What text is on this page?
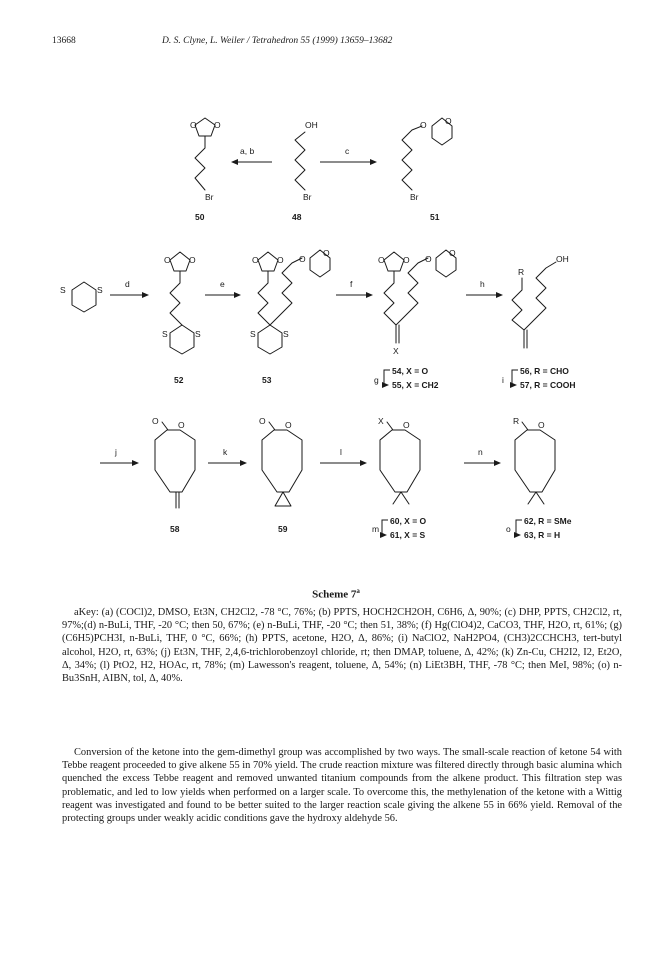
13668	D. S. Clyne, L. Weiler / Tetrahedron 55 (1999) 13659–13682
O O
Br
50
a, b
OH
Br
48
c
O O
Br
51
S	S
d
O O
S	S
52
e
O O O
O
S	S
53
f
O O O
O
X
g
54, X = O
55, X = CH2
h
R
OH
i
56, R = CHO
57, R = COOH
j
O O
58
k
O O
59
l
X O
m
60, X = O
61, X = S
n
R O
o
62, R = SMe
63, R = H
Scheme 7$^a$

aKey: (a) (COCl)2, DMSO, Et3N, CH2Cl2, -78 °C, 76%; (b) PPTS, HOCH2CH2OH, C6H6, Δ, 90%; (c) DHP, PPTS, CH2Cl2, rt, 97%;(d) n-BuLi, THF, -20 °C; then 50, 67%; (e) n-BuLi, THF, -20 °C; then 51, 38%; (f) Hg(ClO4)2, CaCO3, THF, H2O, rt, 61%; (g) (C6H5)PCH3I, n-BuLi, THF, 0 °C, 66%; (h) PPTS, acetone, H2O, Δ, 86%; (i) NaClO2, NaH2PO4, (CH3)2CCHCH3, tert-butyl alcohol, H2O, rt, 63%; (j) Et3N, THF, 2,4,6-trichlorobenzoyl chloride, rt; then DMAP, toluene, Δ, 42%; (k) Zn-Cu, CH2I2, I2, Et2O, Δ, 34%; (l) PtO2, H2, HOAc, rt, 78%; (m) Lawesson's reagent, toluene, Δ, 54%; (n) LiEt3BH, THF, -78 °C; then MeI, 98%; (o) n-Bu3SnH, AIBN, tol, Δ, 40%.

Conversion of the ketone into the gem-dimethyl group was accomplished by two ways. The small-scale reaction of ketone 54 with Tebbe reagent proceeded to give alkene 55 in 70% yield. The crude reaction mixture was filtered directly through basic alumina which quenched the excess Tebbe reagent and removed unwanted titanium compounds from the alkene product. This filtration step was problematic, and led to low yields when performed on a larger scale. To overcome this, the methylenation of the ketone with a Wittig reagent was investigated and found to be better suited to the larger reaction scale giving the alkene 55 in 66% yield. Removal of the protecting groups under weakly acidic conditions gave the hydroxy aldehyde 56.
